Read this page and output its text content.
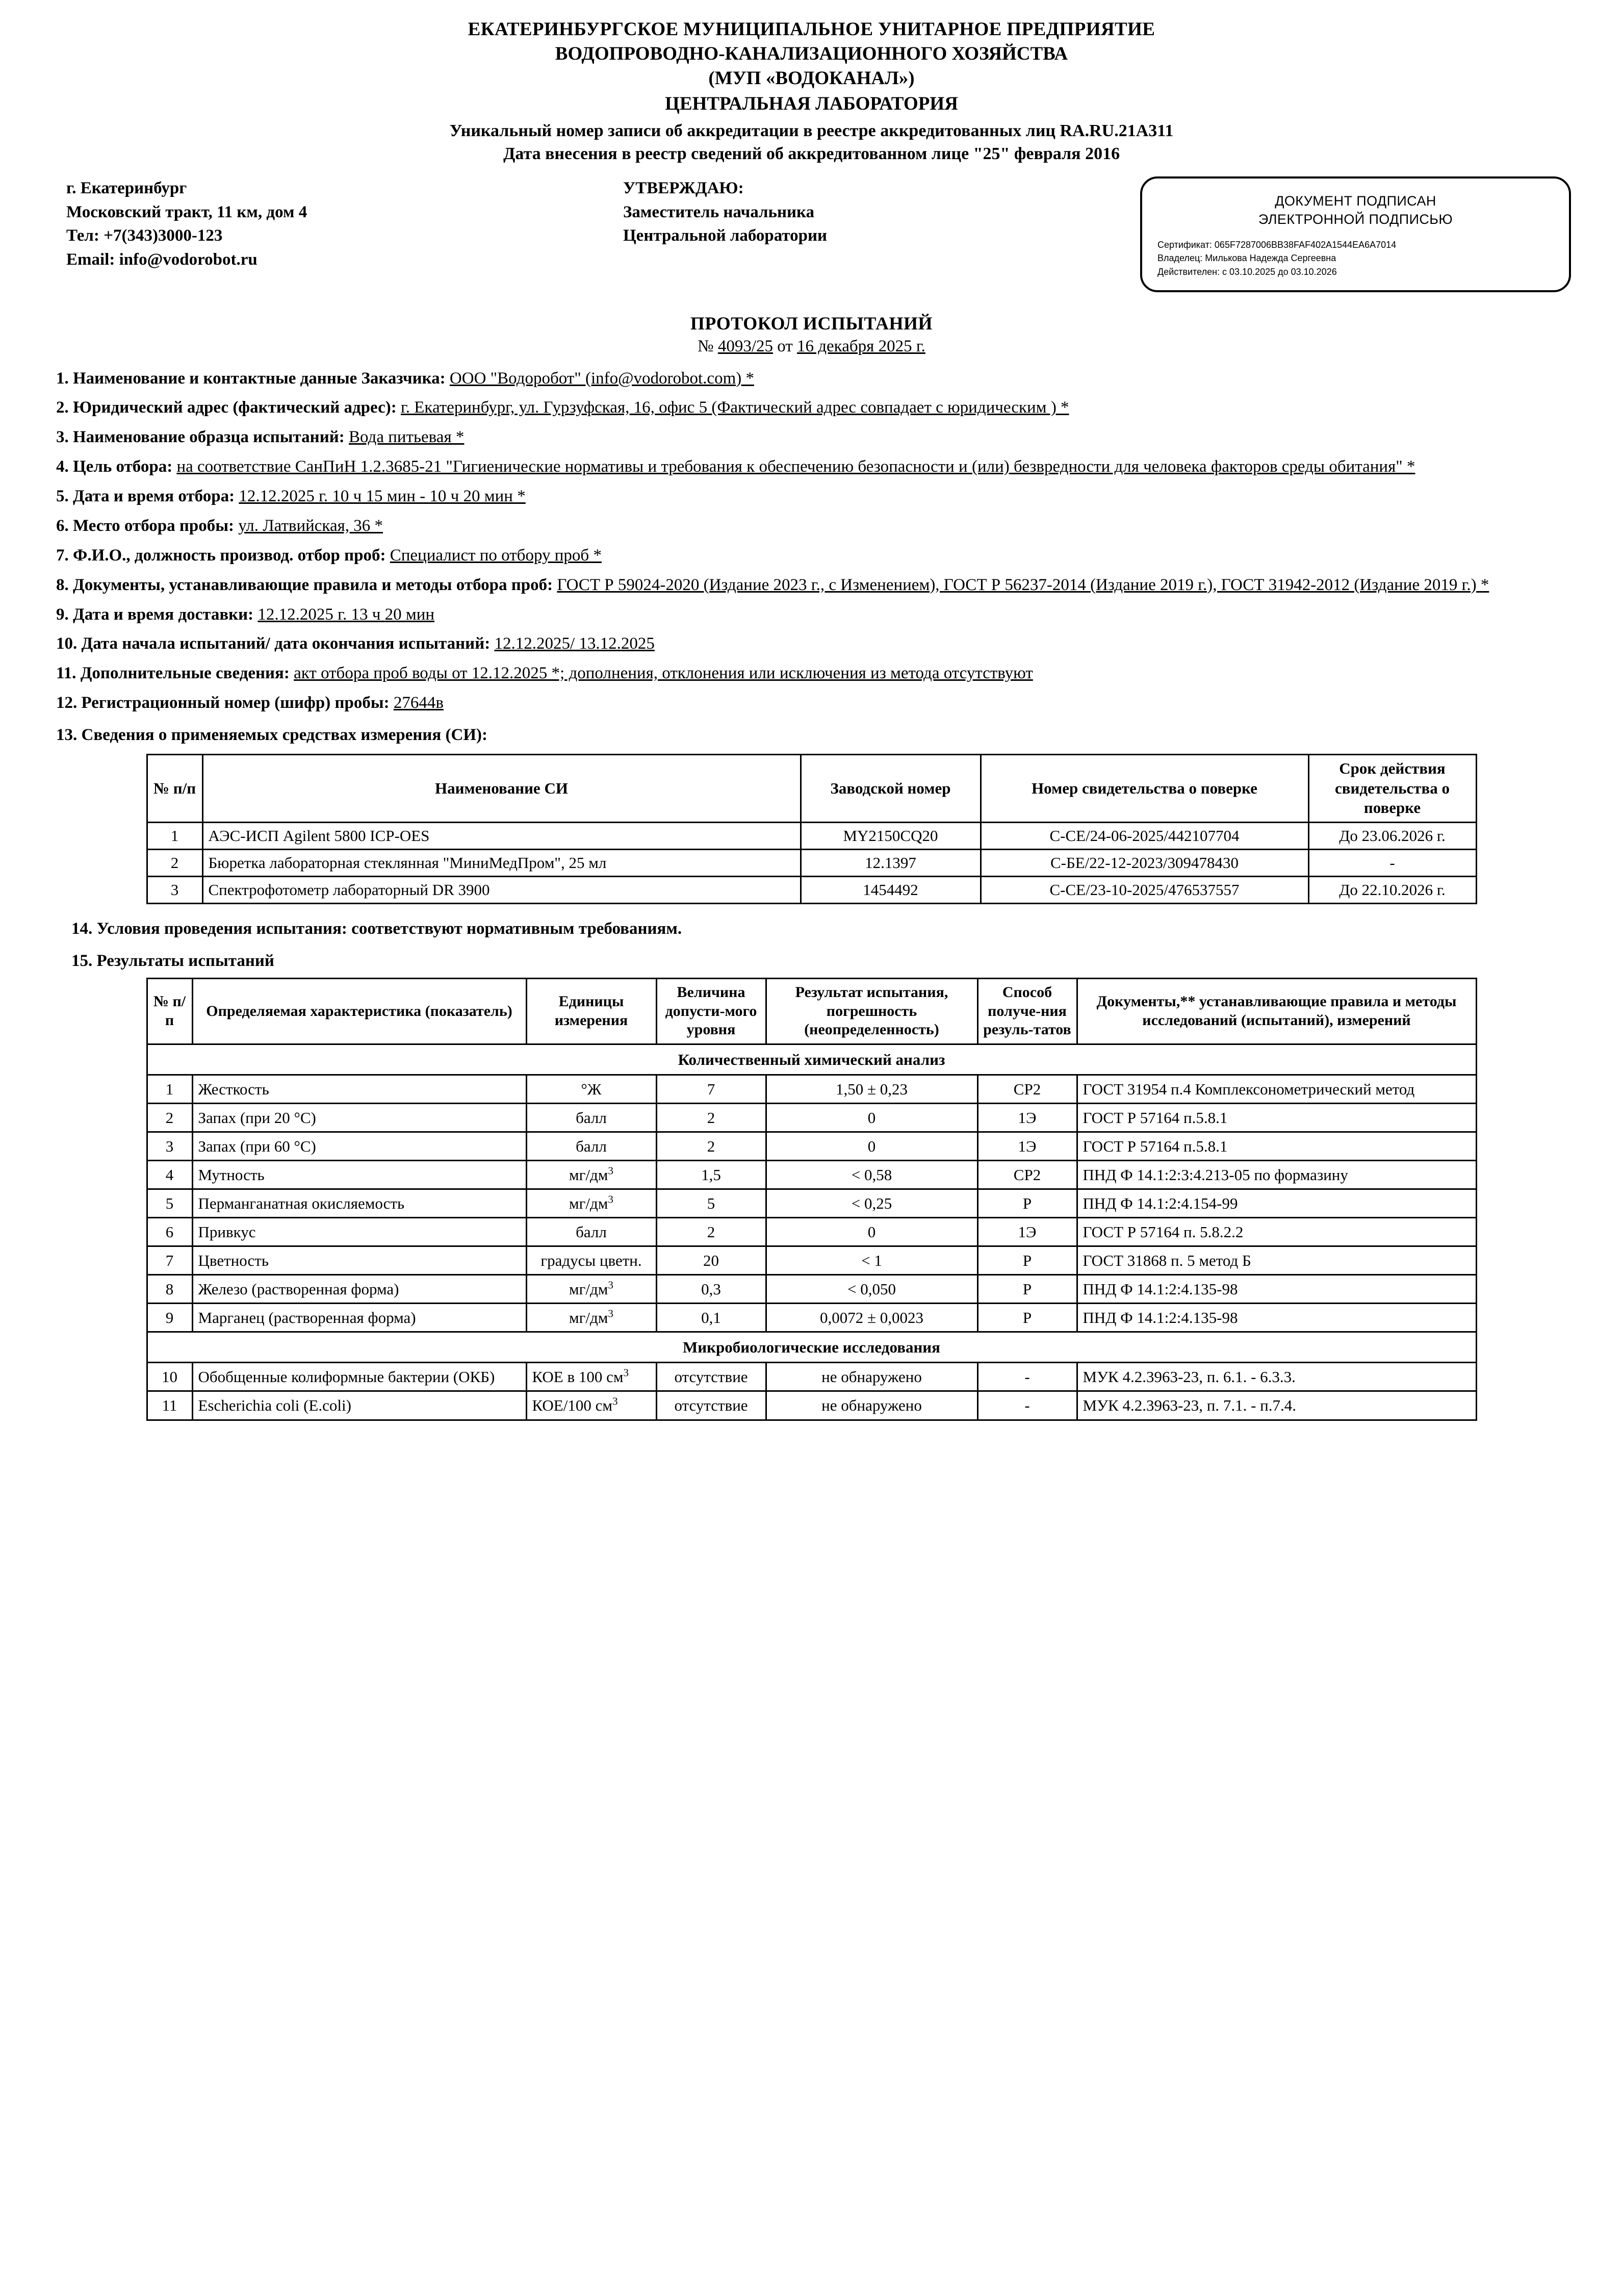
ЕКАТЕРИНБУРГСКОЕ МУНИЦИПАЛЬНОЕ УНИТАРНОЕ ПРЕДПРИЯТИЕ
ВОДОПРОВОДНО-КАНАЛИЗАЦИОННОГО ХОЗЯЙСТВА
(МУП «ВОДОКАНАЛ»)
ЦЕНТРАЛЬНАЯ ЛАБОРАТОРИЯ
Уникальный номер записи об аккредитации в реестре аккредитованных лиц RA.RU.21A311
Дата внесения в реестр сведений об аккредитованном лице "25" февраля 2016
г. Екатеринбург
Московский тракт, 11 км, дом 4
Тел: +7(343)3000-123
Email: info@vodorobot.ru
УТВЕРЖДАЮ:
Заместитель начальника
Центральной лаборатории
ДОКУМЕНТ ПОДПИСАН
ЭЛЕКТРОННОЙ ПОДПИСЬЮ
Сертификат: 065F7287006BB38FAF402A1544EA6A7014
Владелец: Милькова Надежда Сергеевна
Действителен: с 03.10.2025 до 03.10.2026
ПРОТОКОЛ ИСПЫТАНИЙ
№ 4093/25 от 16 декабря 2025 г.
1. Наименование и контактные данные Заказчика: ООО "Водоробот" (info@vodorobot.com) *
2. Юридический адрес (фактический адрес): г. Екатеринбург, ул. Гурзуфская, 16, офис 5 (Фактический адрес совпадает с юридическим ) *
3. Наименование образца испытаний: Вода питьевая *
4. Цель отбора: на соответствие СанПиН 1.2.3685-21 "Гигиенические нормативы и требования к обеспечению безопасности и (или) безвредности для человека факторов среды обитания" *
5. Дата и время отбора: 12.12.2025 г. 10 ч 15 мин - 10 ч 20 мин *
6. Место отбора пробы: ул. Латвийская, 36 *
7. Ф.И.О., должность производ. отбор проб: Специалист по отбору проб *
8. Документы, устанавливающие правила и методы отбора проб: ГОСТ Р 59024-2020 (Издание 2023 г., с Изменением), ГОСТ Р 56237-2014 (Издание 2019 г.), ГОСТ 31942-2012 (Издание 2019 г.) *
9. Дата и время доставки: 12.12.2025 г. 13 ч 20 мин
10. Дата начала испытаний/ дата окончания испытаний: 12.12.2025/ 13.12.2025
11. Дополнительные сведения: акт отбора проб воды от 12.12.2025 *; дополнения, отклонения или исключения из метода отсутствуют
12. Регистрационный номер (шифр) пробы: 27644в
13. Сведения о применяемых средствах измерения (СИ):
№ п/п	Наименование СИ	Заводской номер	Номер свидетельства о поверке	Срок действия свидетельства о поверке
1	АЭС-ИСП Agilent 5800 ICP-OES	MY2150CQ20	С-СЕ/24-06-2025/442107704	До 23.06.2026 г.
2	Бюретка лабораторная стеклянная "МиниМедПром", 25 мл	12.1397	С-БЕ/22-12-2023/309478430	-
3	Спектрофотометр лабораторный DR 3900	1454492	С-СЕ/23-10-2025/476537557	До 22.10.2026 г.
14. Условия проведения испытания: соответствуют нормативным требованиям.
15. Результаты испытаний
№ п/п	Определяемая характеристика (показатель)	Единицы измерения	Величина допусти-мого уровня	Результат испытания, погрешность (неопределенность)	Способ получе-ния резуль-татов	Документы,** устанавливающие правила и методы исследований (испытаний), измерений
Количественный химический анализ						
1	Жесткость	°Ж	7	1,50 ± 0,23	СР2	ГОСТ 31954 п.4 Комплексонометрический метод
2	Запах (при 20 °С)	балл	2	0	1Э	ГОСТ Р 57164 п.5.8.1
3	Запах (при 60 °С)	балл	2	0	1Э	ГОСТ Р 57164 п.5.8.1
4	Мутность	$мг/дм^3$	1,5	< 0,58	СР2	ПНД Ф 14.1:2:3:4.213-05 по формазину
5	Перманганатная окисляемость	$мг/дм^3$	5	< 0,25	Р	ПНД Ф 14.1:2:4.154-99
6	Привкус	балл	2	0	1Э	ГОСТ Р 57164 п. 5.8.2.2
7	Цветность	градусы цветн.	20	< 1	Р	ГОСТ 31868 п. 5 метод Б
8	Железо (растворенная форма)	$мг/дм^3$	0,3	< 0,050	Р	ПНД Ф 14.1:2:4.135-98
9	Марганец (растворенная форма)	$мг/дм^3$	0,1	0,0072 ± 0,0023	Р	ПНД Ф 14.1:2:4.135-98
Микробиологические исследования						
10	Обобщенные колиформные бактерии (ОКБ)	КОЕ в 100 $см^3$	отсутствие	не обнаружено	-	МУК 4.2.3963-23, п. 6.1. - 6.3.3.
11	Escherichia coli (E.coli)	КОЕ/100 $см^3$	отсутствие	не обнаружено	-	МУК 4.2.3963-23, п. 7.1. - п.7.4.
